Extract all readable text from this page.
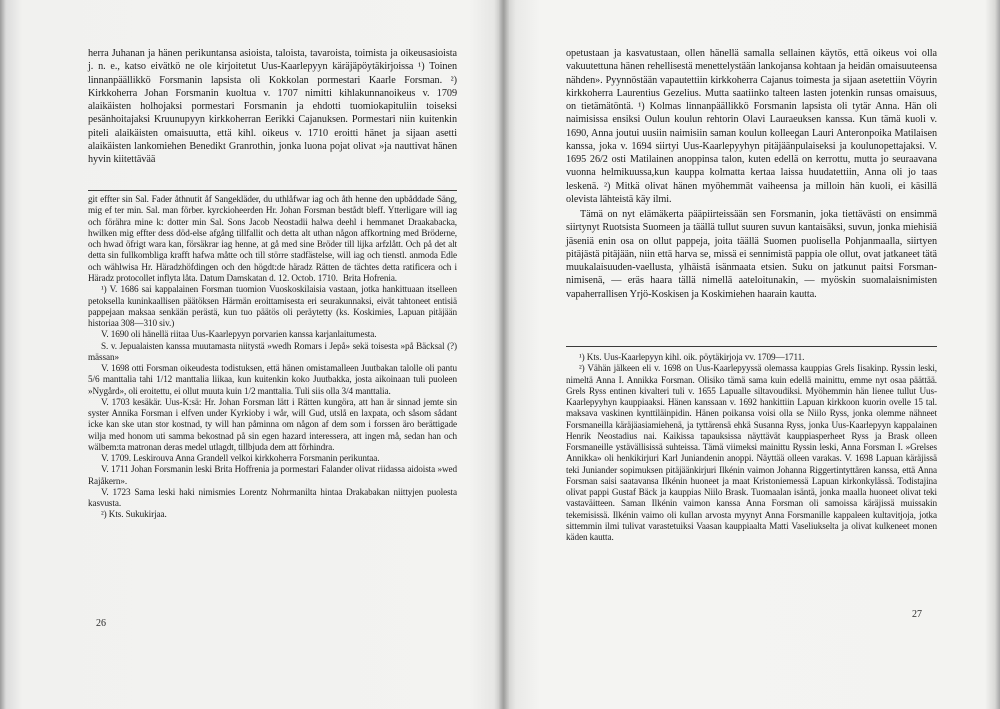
herra Juhanan ja hänen perikuntansa asioista, taloista, tavaroista, toimista ja oikeusasioista j. n. e., katso eivätkö ne ole kirjoitetut Uus-Kaarlepyyn käräjäpöytäkirjoissa ¹) Toinen linnanpäällikkö Forsmanin lapsista oli Kokkolan pormestari Kaarle Forsman. ²) Kirkkoherra Johan Forsmanin kuoltua v. 1707 nimitti kihlakunnanoikeus v. 1709 alaikäisten holhojaksi pormestari Forsmanin ja ehdotti tuomiokapituliin toiseksi pesänhoitajaksi Kruunupyyn kirkkoherran Eerikki Cajanuksen. Pormestari niin kuitenkin piteli alaikäisten omaisuutta, että kihl. oikeus v. 1710 eroitti hänet ja sijaan asetti alaikäisten lankomiehen Benedikt Granrothin, jonka luona pojat olivat »ja nauttivat hänen hyvin kiitettävää

git effter sin Sal. Fader åthnutit åf Sangekläder, du uthlåfwar iag och åth henne den upbåddade Säng, mig ef ter min. Sal. man förber. kyrckioheerden Hr. Johan Forsman bestådt bleff. Ytterligare will iag och förähra mine k: dotter min Sal. Sons Jacob Neostadii halwa deehl i hemmanet Draakabacka, hwilken mig effter dess död-else afgång tillfallit och detta alt uthan någon affkortning med Bröderne, och hwad öfrigt wara kan, försäkrar iag henne, at gå med sine Bröder till lijka arfzlått. Och på det alt detta sin fullkombliga krafft hafwa måtte och till större stadfästelse, will iag och tienstl. anmoda Edle och wählwisa Hr. Häradzhöfdingen och den högdt:de häradz Rätten de tächtes detta ratificera och i Häradz protocollet inflyta låta. Datum Damskatan d. 12. Octob. 1710. Brita Hofrenia.

¹) V. 1686 sai kappalainen Forsman tuomion Vuoskoskilaisia vastaan, jotka hankittuaan itselleen petoksella kuninkaallisen päätöksen Härmän eroittamisesta eri seurakunnaksi, eivät tahtoneet entisiä pappejaan maksaa senkään perästä, kun tuo päätös oli peräytetty (ks. Koskimies, Lapuan pitäjään historiaa 308—310 siv.)

V. 1690 oli hänellä riitaa Uus-Kaarlepyyn porvarien kanssa karjanlaitumesta.

S. v. Jepualaisten kanssa muutamasta niitystä »wedh Romars i Jepå» sekä toisesta »på Bäcksal (?) mässan»

V. 1698 otti Forsman oikeudesta todistuksen, että hänen omistamalleen Juutbakan talolle oli pantu 5/6 manttalia tahi 1/12 manttalia liikaa, kun kuitenkin koko Juutbakka, josta aikoinaan tuli puoleen »Nygård», oli eroitettu, ei ollut muuta kuin 1/2 manttalia. Tuli siis olla 3/4 manttalia.

V. 1703 kesäkär. Uus-K:sä: Hr. Johan Forsman lätt i Rätten kungöra, att han är sinnad jemte sin syster Annika Forsman i elfven under Kyrkioby i wår, will Gud, utslå en laxpata, och såsom sådant icke kan ske utan stor kostnad, ty will han påminna om någon af dem som i forssen äro berättigade wilja med honom uti samma bekostnad på sin egen hazard interessera, att ingen må, sedan han och wälbem:ta matronan deras medel utlagdt, tillbjuda dem att förhindra.

V. 1709. Leskirouva Anna Grandell velkoi kirkkoherra Forsmanin perikuntaa.

V. 1711 Johan Forsmanin leski Brita Hoffrenia ja pormestari Falander olivat riidassa aidoista »wed Rajåkern».

V. 1723 Sama leski haki nimismies Lorentz Nohrmanilta hintaa Drakabakan niittyjen puolesta kasvusta.

²) Kts. Sukukirjaa.

26

opetustaan ja kasvatustaan, ollen hänellä samalla sellainen käytös, että oikeus voi olla vakuutettuna hänen rehellisestä menettelystään lankojansa kohtaan ja heidän omaisuuteensa nähden». Pyynnöstään vapautettiin kirkkoherra Cajanus toimesta ja sijaan asetettiin Vöyrin kirkkoherra Laurentius Gezelius. Mutta saatiinko talteen lasten jotenkin runsas omaisuus, on tietämätöntä. ¹) Kolmas linnanpäällikkö Forsmanin lapsista oli tytär Anna. Hän oli naimisissa ensiksi Oulun koulun rehtorin Olavi Lauraeuksen kanssa. Kun tämä kuoli v. 1690, Anna joutui uusiin naimisiin saman koulun kolleegan Lauri Anteronpoika Matilaisen kanssa, joka v. 1694 siirtyi Uus-Kaarlepyyhyn pitäjäänpulaiseksi ja koulunopettajaksi. V. 1695 26/2 osti Matilainen anoppinsa talon, kuten edellä on kerrottu, mutta jo seuraavana vuonna helmikuussa,kun kauppa kolmatta kertaa laissa huudatettiin, Anna oli jo taas leskenä. ²) Mitkä olivat hänen myöhemmät vaiheensa ja milloin hän kuoli, ei käsillä olevista lähteistä käy ilmi.

Tämä on nyt elämäkerta pääpiirteissään sen Forsmanin, joka tiettävästi on ensimmä siirtynyt Ruotsista Suomeen ja täällä tullut suuren suvun kantaisäksi, suvun, jonka miehisiä jäseniä enin osa on ollut pappeja, joita täällä Suomen puolisella Pohjanmaalla, siirtyen pitäjästä pitäjään, niin että harva se, missä ei sennimistä pappia ole ollut, ovat jatkaneet tätä muukalaisuuden-vaellusta, ylhäistä isänmaata etsien. Suku on jatkunut paitsi Forsman-nimisenä, — eräs haara tällä nimellä aateloitunakin, — myöskin suomalaisnimisten vapaherrallisen Yrjö-Koskisen ja Koskimiehen haarain kautta.

¹) Kts. Uus-Kaarlepyyn kihl. oik. pöytäkirjoja vv. 1709—1711.

²) Vähän jälkeen eli v. 1698 on Uus-Kaarlepyyssä olemassa kauppias Grels Iisakinp. Ryssin leski, nimeltä Anna I. Annikka Forsman. Olisiko tämä sama kuin edellä mainittu, emme nyt osaa päättää. Grels Ryss entinen kivalteri tuli v. 1655 Lapualle siltavoudiksi. Myöhemmin hän lienee tullut Uus-Kaarlepyyhyn kauppiaaksi. Hänen kanssaan v. 1692 hankittiin Lapuan kirkkoon kuorin ovelle 15 tal. maksava vaskinen kynttiläinpidin. Hänen poikansa voisi olla se Niilo Ryss, jonka olemme nähneet Forsmaneilla käräjäasiamiehenä, ja tyttärensä ehkä Susanna Ryss, jonka Uus-Kaarlepyyn kappalainen Henrik Neostadius nai. Kaikissa tapauksissa näyttävät kauppiasperheet Ryss ja Brask olleen Forsmaneille ystävällisissä suhteissa. Tämä viimeksi mainittu Ryssin leski, Anna Forsman I. »Grelses Annikka» oli henkikirjuri Karl Juniandenin anoppi. Näyttää olleen varakas. V. 1698 Lapuan käräjissä teki Juniander sopimuksen pitäjäänkirjuri Ilkénin vaimon Johanna Riggertintyttären kanssa, että Anna Forsman saisi saatavansa Ilkénin huoneet ja maat Kristoniemessä Lapuan kirkonkylässä. Todistajina olivat pappi Gustaf Bäck ja kauppias Niilo Brask. Tuomaalan isäntä, jonka maalla huoneet olivat teki vastaväitteen. Saman Ilkénin vaimon kanssa Anna Forsman oli samoissa käräjissä muissakin tekemisissä. Ilkénin vaimo oli kullan arvosta myynyt Anna Forsmanille kappaleen kultavitjoja, jotka sittemmin ilmi tulivat varastetuiksi Vaasan kauppiaalta Matti Vaseliukselta ja olivat kulkeneet monen käden kautta.

27
